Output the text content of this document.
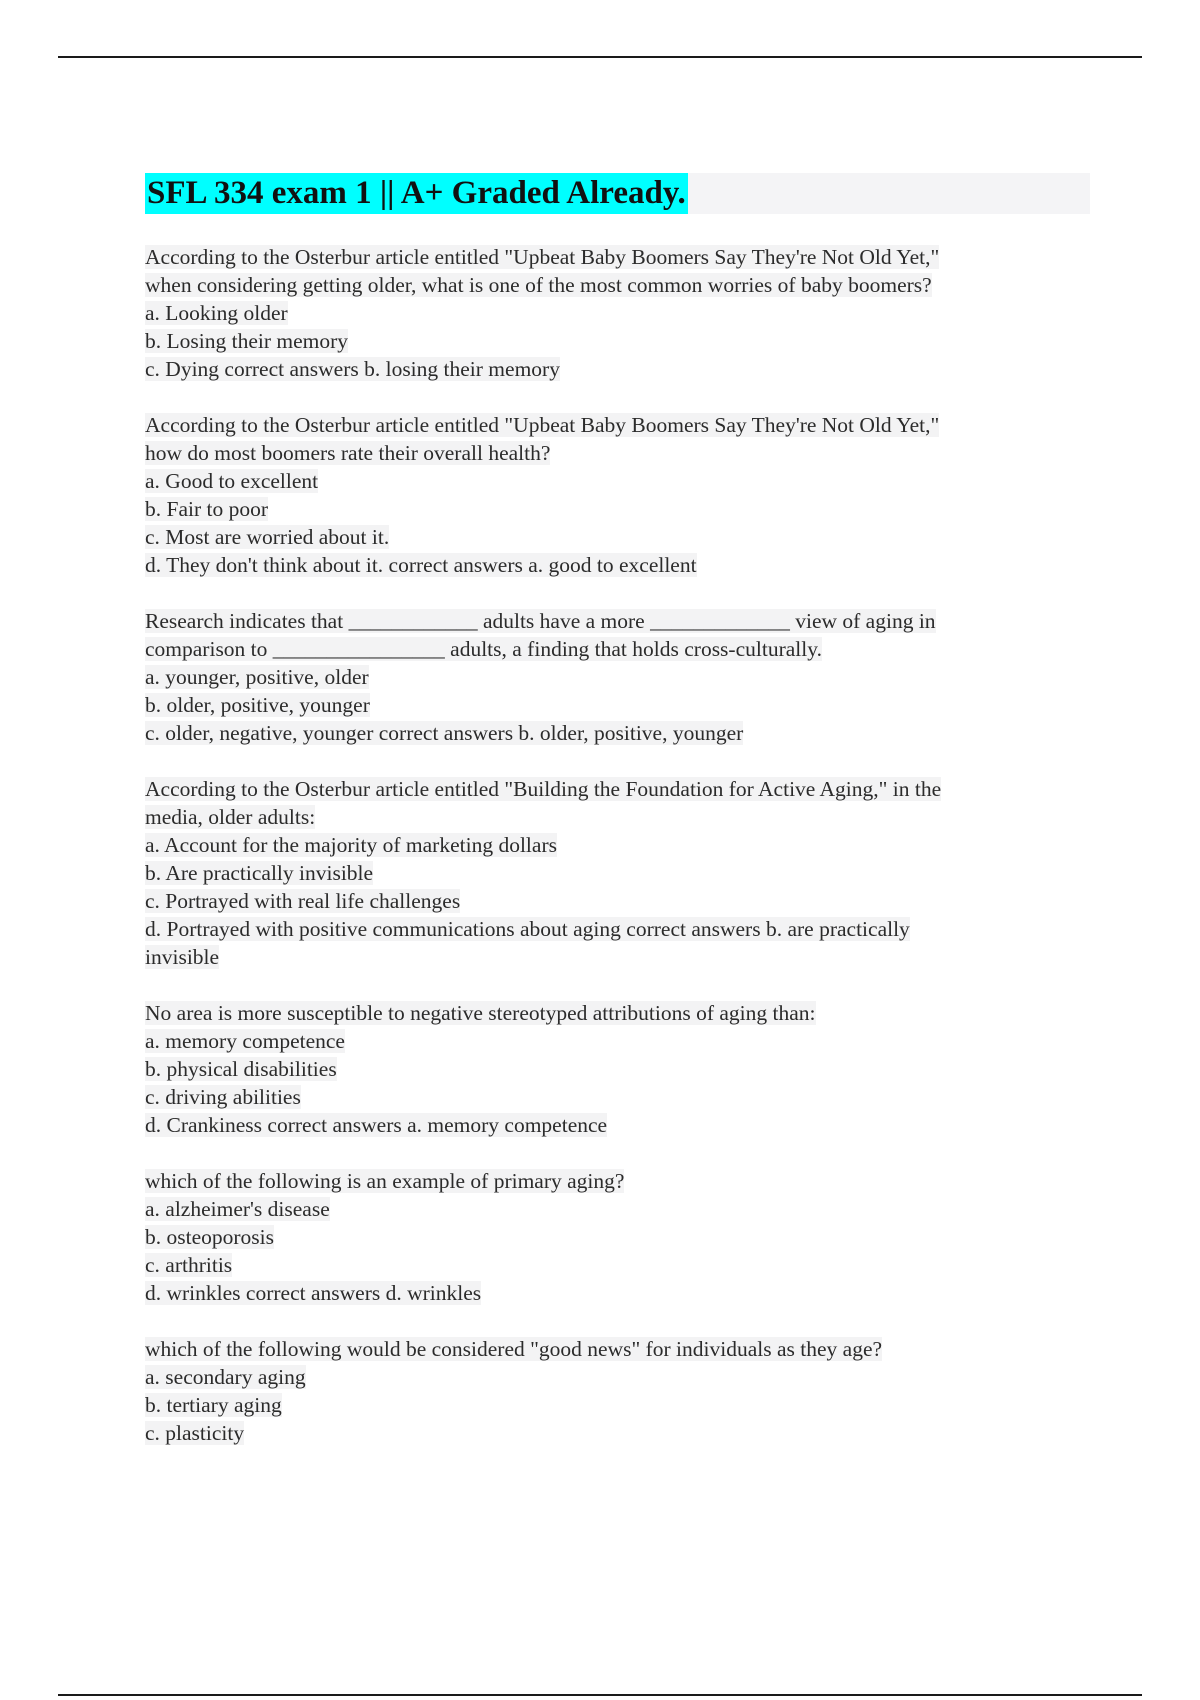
SFL 334 exam 1 || A+ Graded Already.
According to the Osterbur article entitled "Upbeat Baby Boomers Say They're Not Old Yet,"
when considering getting older, what is one of the most common worries of baby boomers?
a. Looking older
b. Losing their memory
c. Dying correct answers b. losing their memory
According to the Osterbur article entitled "Upbeat Baby Boomers Say They're Not Old Yet,"
how do most boomers rate their overall health?
a. Good to excellent
b. Fair to poor
c. Most are worried about it.
d. They don't think about it. correct answers a. good to excellent
Research indicates that ____________ adults have a more _____________ view of aging in
comparison to ________________ adults, a finding that holds cross-culturally.
a. younger, positive, older
b. older, positive, younger
c. older, negative, younger correct answers b. older, positive, younger
According to the Osterbur article entitled "Building the Foundation for Active Aging," in the
media, older adults:
a. Account for the majority of marketing dollars
b. Are practically invisible
c. Portrayed with real life challenges
d. Portrayed with positive communications about aging correct answers b. are practically
invisible
No area is more susceptible to negative stereotyped attributions of aging than:
a. memory competence
b. physical disabilities
c. driving abilities
d. Crankiness correct answers a. memory competence
which of the following is an example of primary aging?
a. alzheimer's disease
b. osteoporosis
c. arthritis
d. wrinkles correct answers d. wrinkles
which of the following would be considered "good news" for individuals as they age?
a. secondary aging
b. tertiary aging
c. plasticity
